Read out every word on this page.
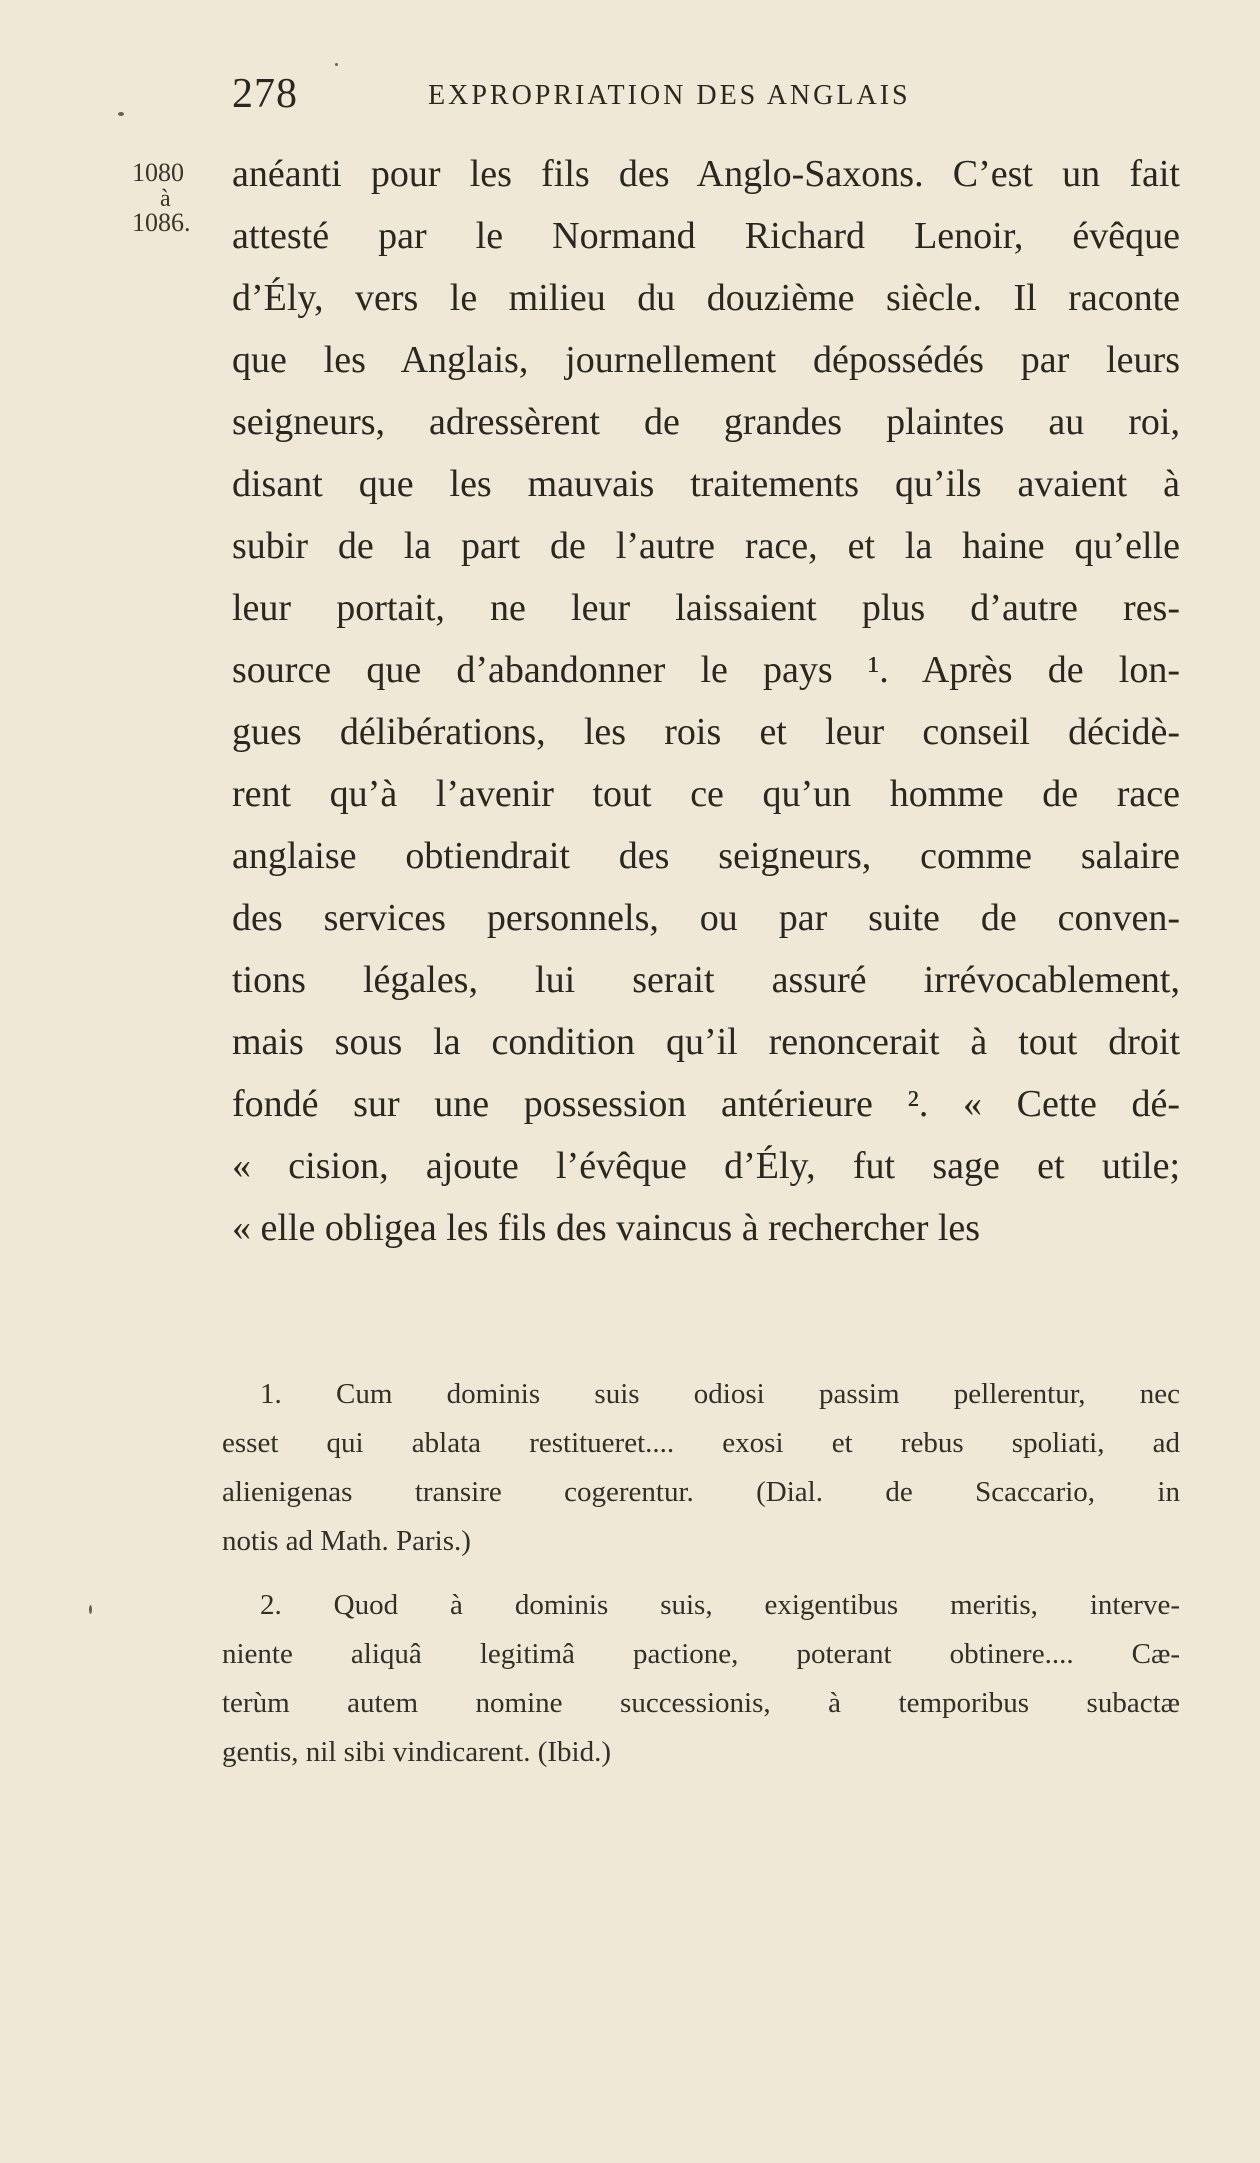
278	EXPROPRIATION DES ANGLAIS
1080
à
1086.
anéanti pour les fils des Anglo-Saxons. C’est un fait
attesté par le Normand Richard Lenoir, évêque
d’Ély, vers le milieu du douzième siècle. Il raconte
que les Anglais, journellement dépossédés par leurs
seigneurs, adressèrent de grandes plaintes au roi,
disant que les mauvais traitements qu’ils avaient à
subir de la part de l’autre race, et la haine qu’elle
leur portait, ne leur laissaient plus d’autre res-
source que d’abandonner le pays ¹. Après de lon-
gues délibérations, les rois et leur conseil décidè-
rent qu’à l’avenir tout ce qu’un homme de race
anglaise obtiendrait des seigneurs, comme salaire
des services personnels, ou par suite de conven-
tions légales, lui serait assuré irrévocablement,
mais sous la condition qu’il renoncerait à tout droit
fondé sur une possession antérieure ². « Cette dé-
« cision, ajoute l’évêque d’Ély, fut sage et utile;
« elle obligea les fils des vaincus à rechercher les
1. Cum dominis suis odiosi passim pellerentur, nec
esset qui ablata restitueret.... exosi et rebus spoliati, ad
alienigenas transire cogerentur. (Dial. de Scaccario, in
notis ad Math. Paris.)
2. Quod à dominis suis, exigentibus meritis, interve-
niente aliquâ legitimâ pactione, poterant obtinere.... Cæ-
terùm autem nomine successionis, à temporibus subactæ
gentis, nil sibi vindicarent. (Ibid.)
